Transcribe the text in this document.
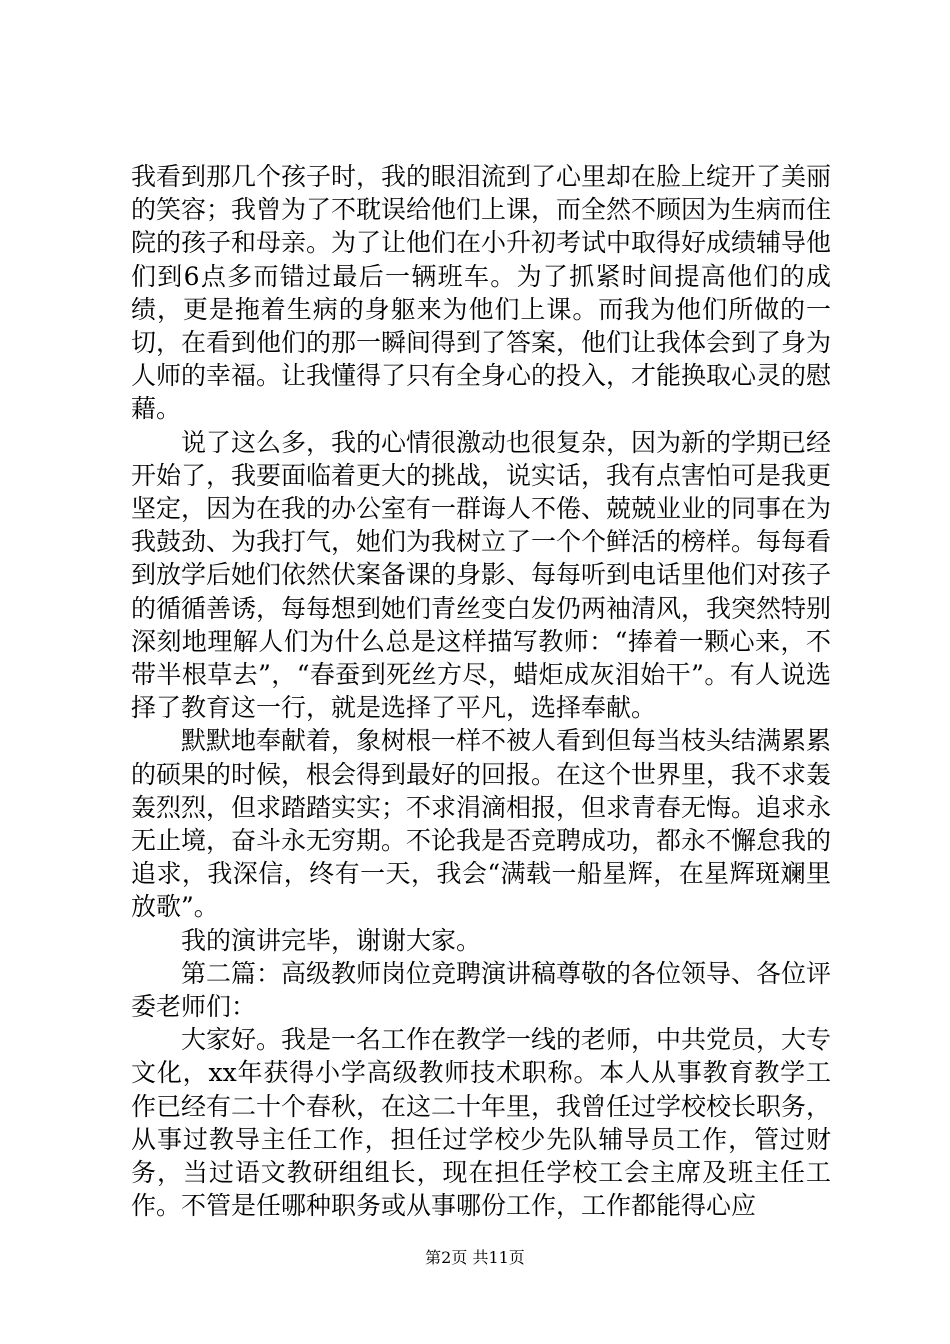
我看到那几个孩子时，我的眼泪流到了心里却在脸上绽开了美丽的笑容；我曾为了不耽误给他们上课，而全然不顾因为生病而住院的孩子和母亲。为了让他们在小升初考试中取得好成绩辅导他们到6点多而错过最后一辆班车。为了抓紧时间提高他们的成绩，更是拖着生病的身躯来为他们上课。而我为他们所做的一切，在看到他们的那一瞬间得到了答案，他们让我体会到了身为人师的幸福。让我懂得了只有全身心的投入，才能换取心灵的慰藉。

说了这么多，我的心情很激动也很复杂，因为新的学期已经开始了，我要面临着更大的挑战，说实话，我有点害怕可是我更坚定，因为在我的办公室有一群诲人不倦、兢兢业业的同事在为我鼓劲、为我打气，她们为我树立了一个个鲜活的榜样。每每看到放学后她们依然伏案备课的身影、每每听到电话里他们对孩子的循循善诱，每每想到她们青丝变白发仍两袖清风，我突然特别深刻地理解人们为什么总是这样描写教师：“捧着一颗心来，不带半根草去”，“春蚕到死丝方尽，蜡炬成灰泪始干”。有人说选择了教育这一行，就是选择了平凡，选择奉献。

默默地奉献着，象树根一样不被人看到但每当枝头结满累累的硕果的时候，根会得到最好的回报。在这个世界里，我不求轰轰烈烈，但求踏踏实实；不求涓滴相报，但求青春无悔。追求永无止境，奋斗永无穷期。不论我是否竞聘成功，都永不懈怠我的追求，我深信，终有一天，我会“满载一船星辉，在星辉斑斓里放歌”。

我的演讲完毕，谢谢大家。

第二篇：高级教师岗位竞聘演讲稿尊敬的各位领导、各位评委老师们：

大家好。我是一名工作在教学一线的老师，中共党员，大专文化，xx年获得小学高级教师技术职称。本人从事教育教学工作已经有二十个春秋，在这二十年里，我曾任过学校校长职务，从事过教导主任工作，担任过学校少先队辅导员工作，管过财务，当过语文教研组组长，现在担任学校工会主席及班主任工作。不管是任哪种职务或从事哪份工作，工作都能得心应

第2页 共11页
